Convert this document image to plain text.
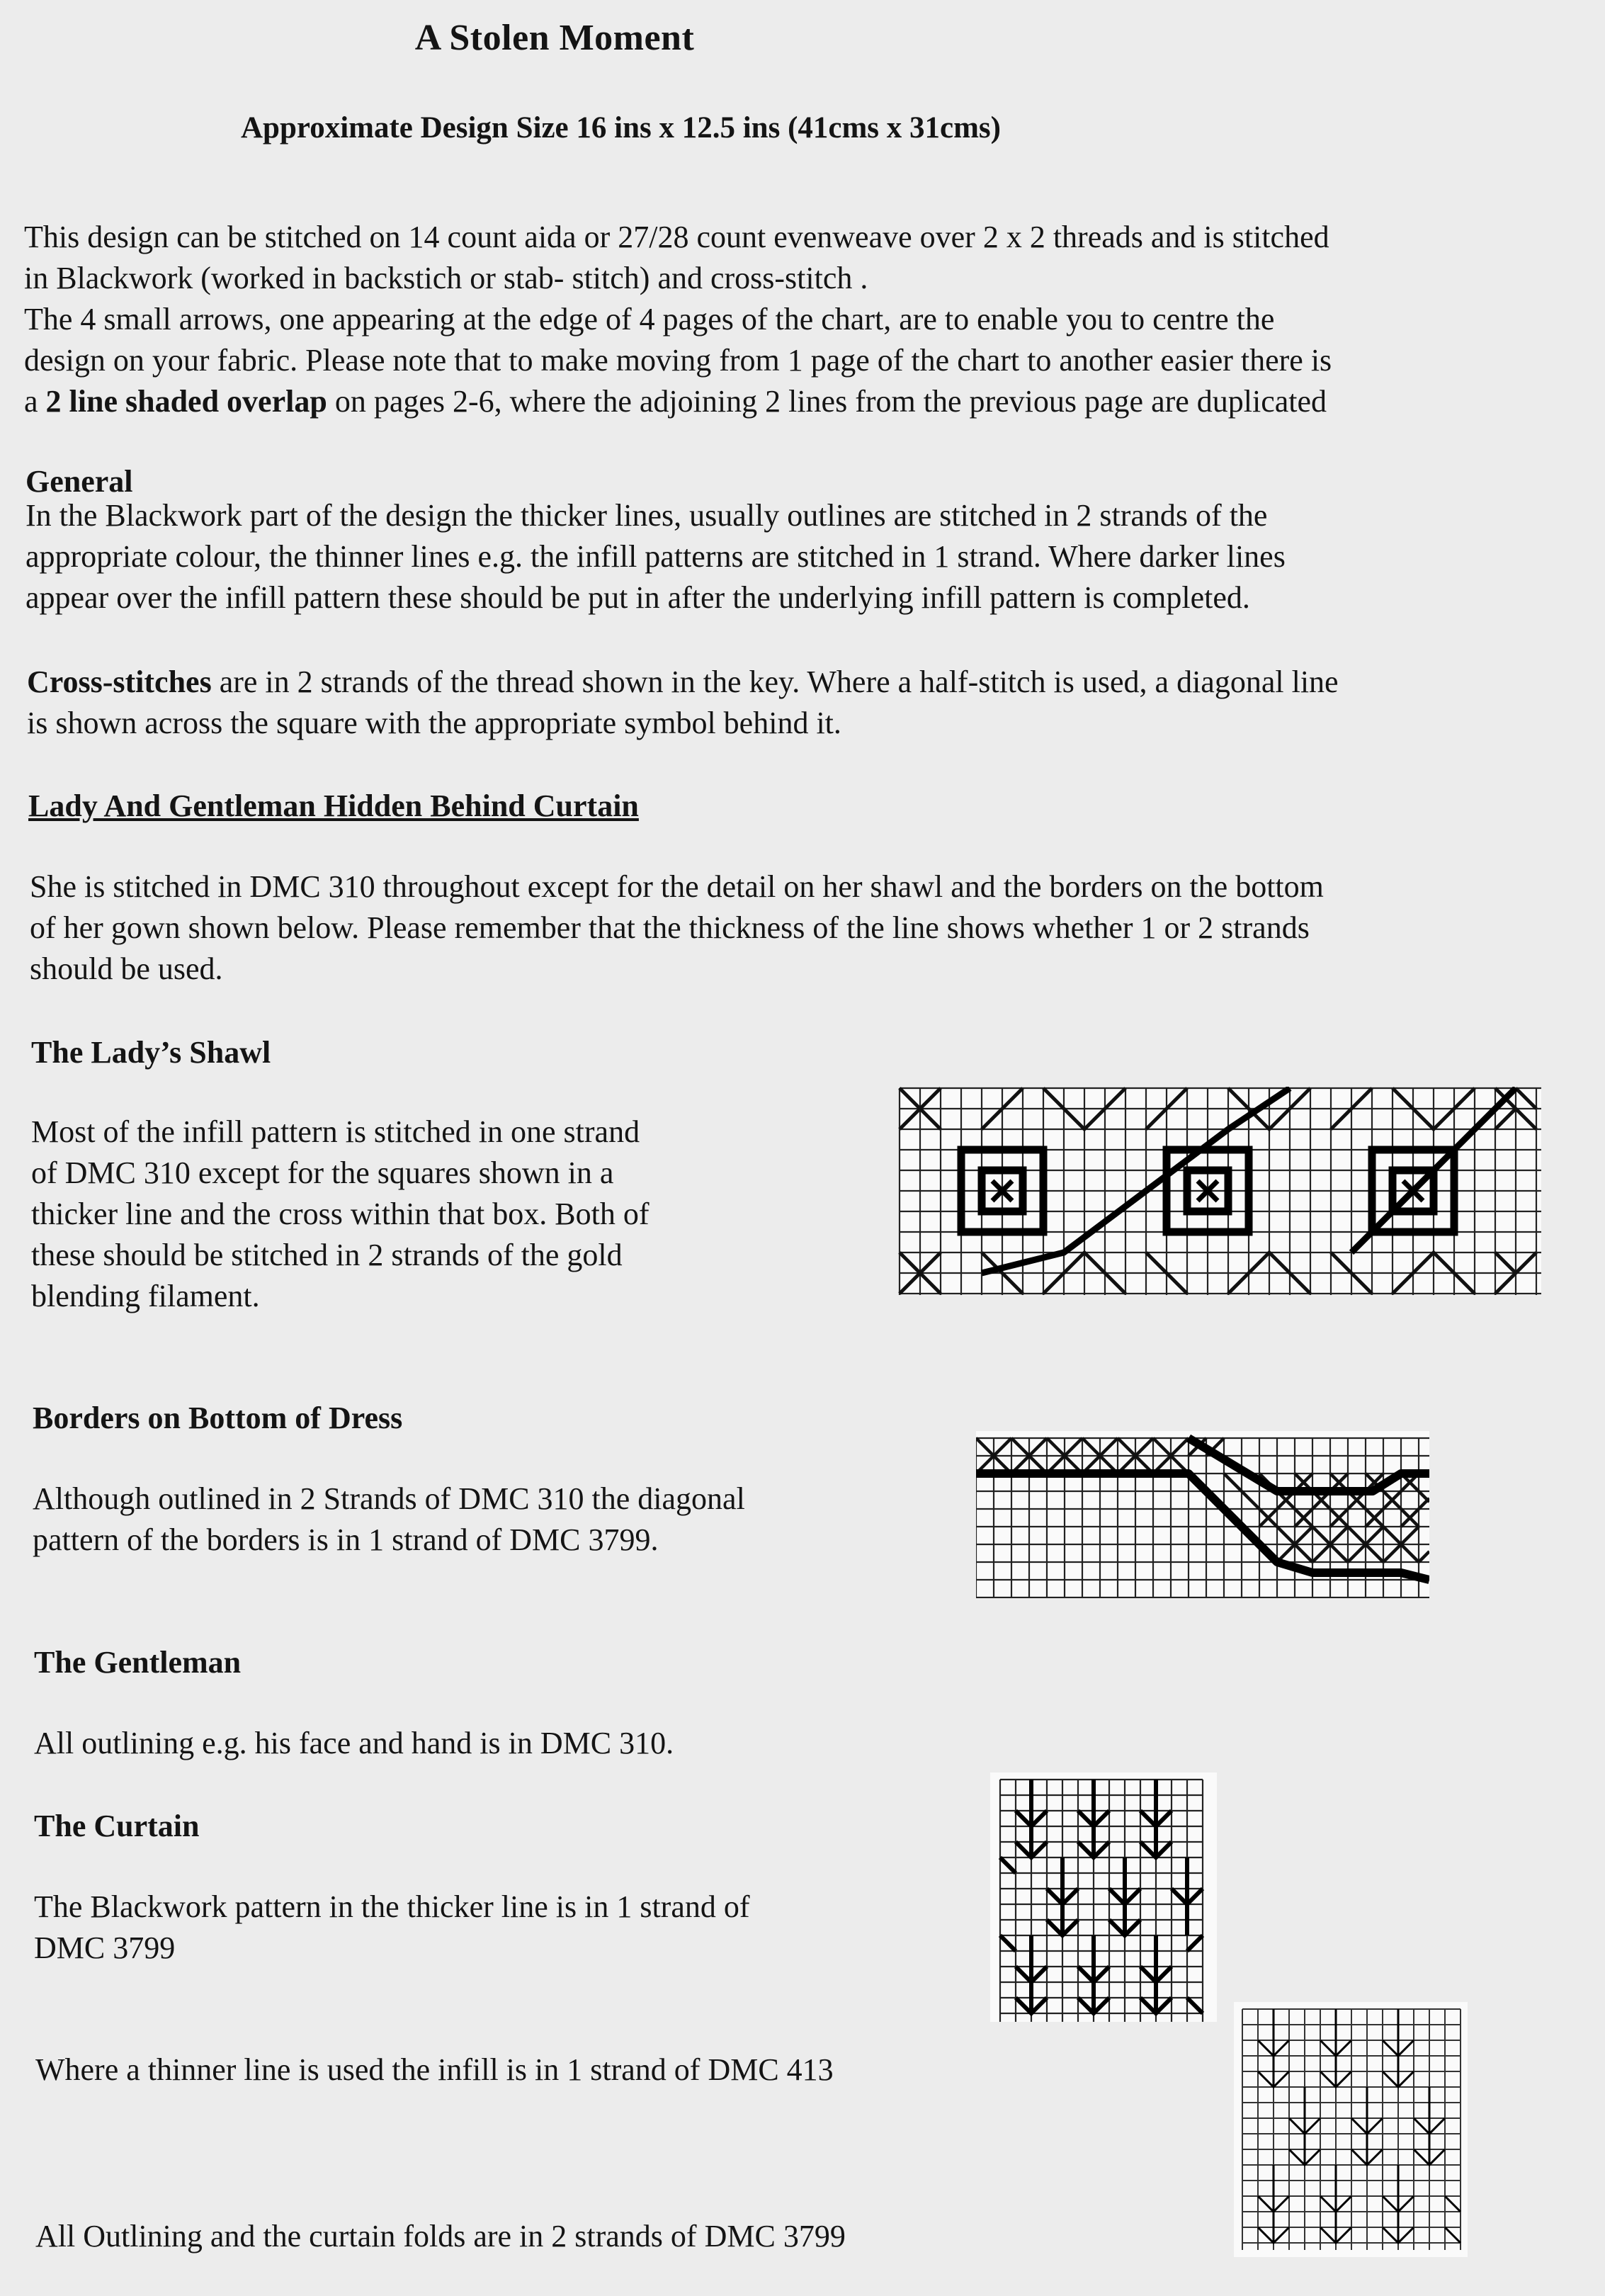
A Stolen Moment
Approximate Design Size 16 ins x 12.5 ins (41cms x 31cms)
This design can be stitched on 14 count aida or 27/28 count evenweave over 2 x 2 threads and is stitched
in Blackwork (worked in backstich or stab- stitch) and cross-stitch .
The 4 small arrows, one appearing at the edge of 4 pages of the chart, are to enable you to centre the
design on your fabric. Please note that to make moving from 1 page of the chart to another easier there is
a 2 line shaded overlap on pages 2-6, where the adjoining 2 lines from the previous page are duplicated
General
In the Blackwork part of the design the thicker lines, usually outlines are stitched in 2 strands of the
appropriate colour, the thinner lines e.g. the infill patterns are stitched in 1 strand. Where darker lines
appear over the infill pattern these should be put in after the underlying infill pattern is completed.
Cross-stitches are in 2 strands of the thread shown in the key. Where a half-stitch is used, a diagonal line
is shown across the square with the appropriate symbol behind it.
Lady And Gentleman Hidden Behind Curtain
She is stitched in DMC 310 throughout except for the detail on her shawl and the borders on the bottom
of her gown shown below. Please remember that the thickness of the line shows whether 1 or 2 strands
should be used.
The Lady’s Shawl
Most of the infill pattern is stitched in one strand
of DMC 310 except for the squares shown in a
thicker line and the cross within that box. Both of
these should be stitched in 2 strands of the gold
blending filament.
Borders on Bottom of Dress
Although outlined in 2 Strands of DMC 310 the diagonal
pattern of the borders is in 1 strand of DMC 3799.
The Gentleman
All outlining e.g. his face and hand is in DMC 310.
The Curtain
The Blackwork pattern in the thicker line is in 1 strand of
DMC 3799
Where a thinner line is used the infill is in 1 strand of DMC 413
All Outlining and the curtain folds are in 2 strands of DMC 3799
